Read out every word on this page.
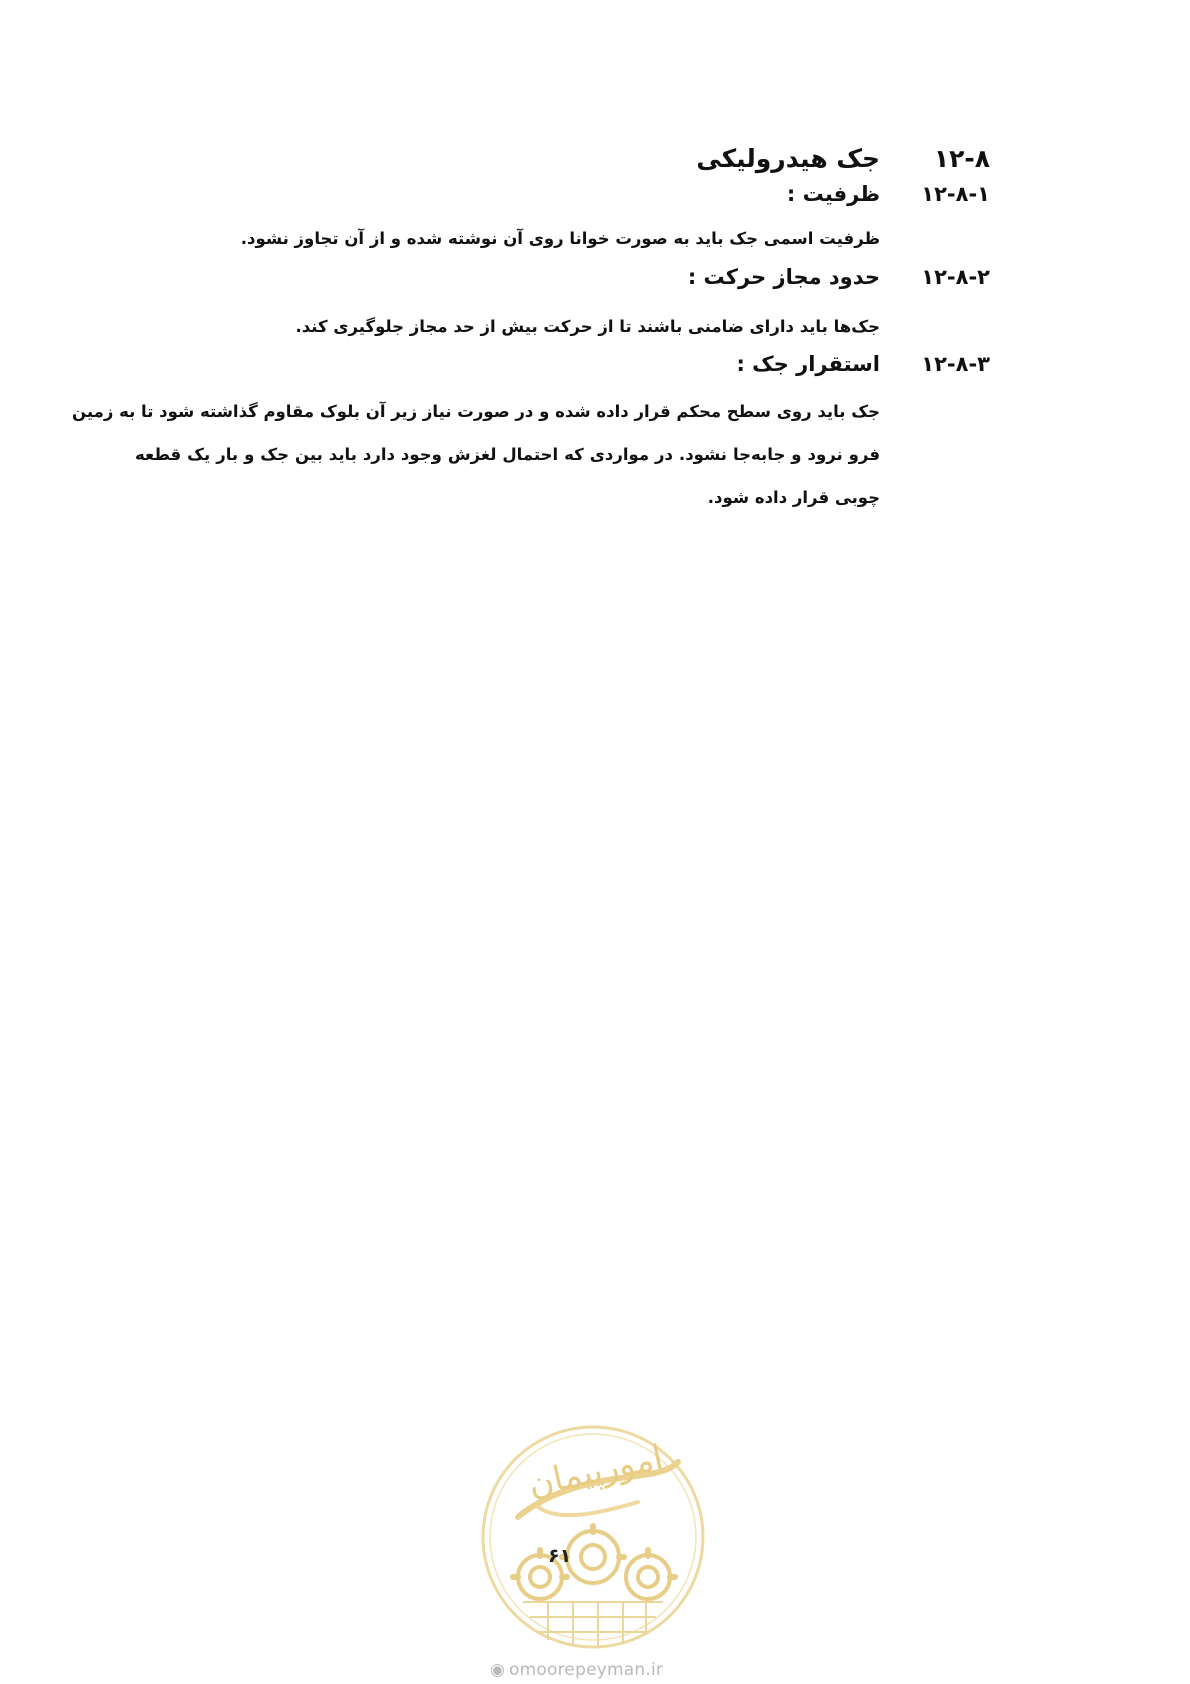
۱۲-۸
جک هیدرولیکی
۱۲-۸-۱
ظرفیت :
ظرفیت اسمی جک باید به صورت خوانا روی آن نوشته شده و از آن تجاوز نشود.
۱۲-۸-۲
حدود مجاز حرکت :
جک‌ها باید دارای ضامنی باشند تا از حرکت بیش از حد مجاز جلوگیری کند.
۱۲-۸-۳
استقرار جک :
جک باید روی سطح محکم قرار داده شده و در صورت نیاز زیر آن بلوک مقاوم گذاشته شود تا به زمین
فرو نرود و جابه‌جا نشود. در مواردی که احتمال لغزش وجود دارد باید بین جک و بار یک قطعه
چوبی قرار داده شود.
امورپیمان
۶۱
◉ omoorepeyman.ir
